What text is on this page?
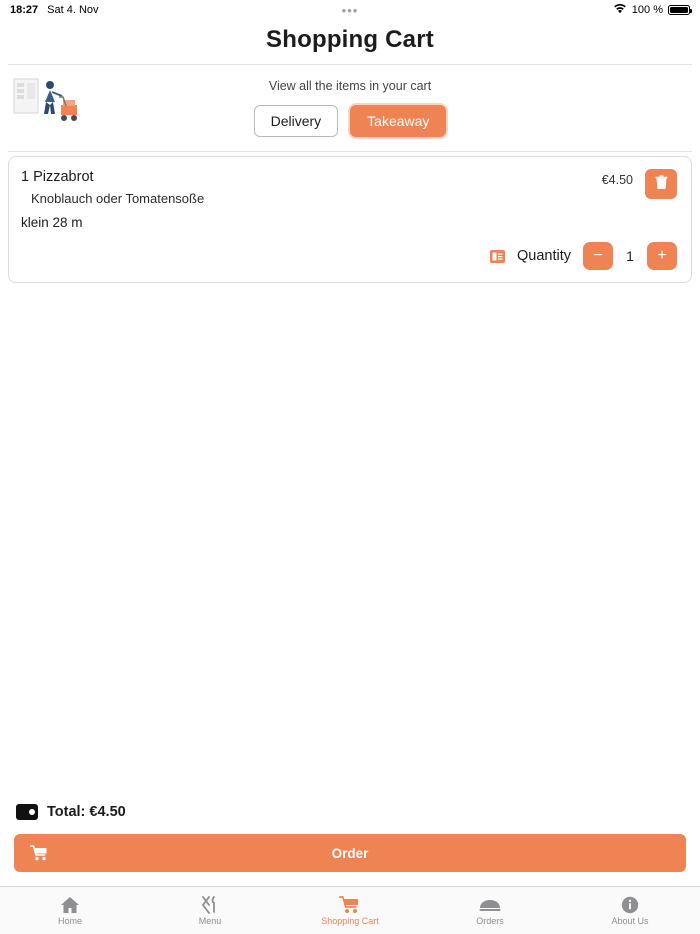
18:27 Sat 4. Nov	•••	100 %
Shopping Cart
View all the items in your cart
Delivery	Takeaway
1 Pizzabrot
Knoblauch oder Tomatensoße
klein 28 m
€4.50
Quantity	−	1	+
Total: €4.50
Order
Home	Menu	Shopping Cart	Orders	About Us
